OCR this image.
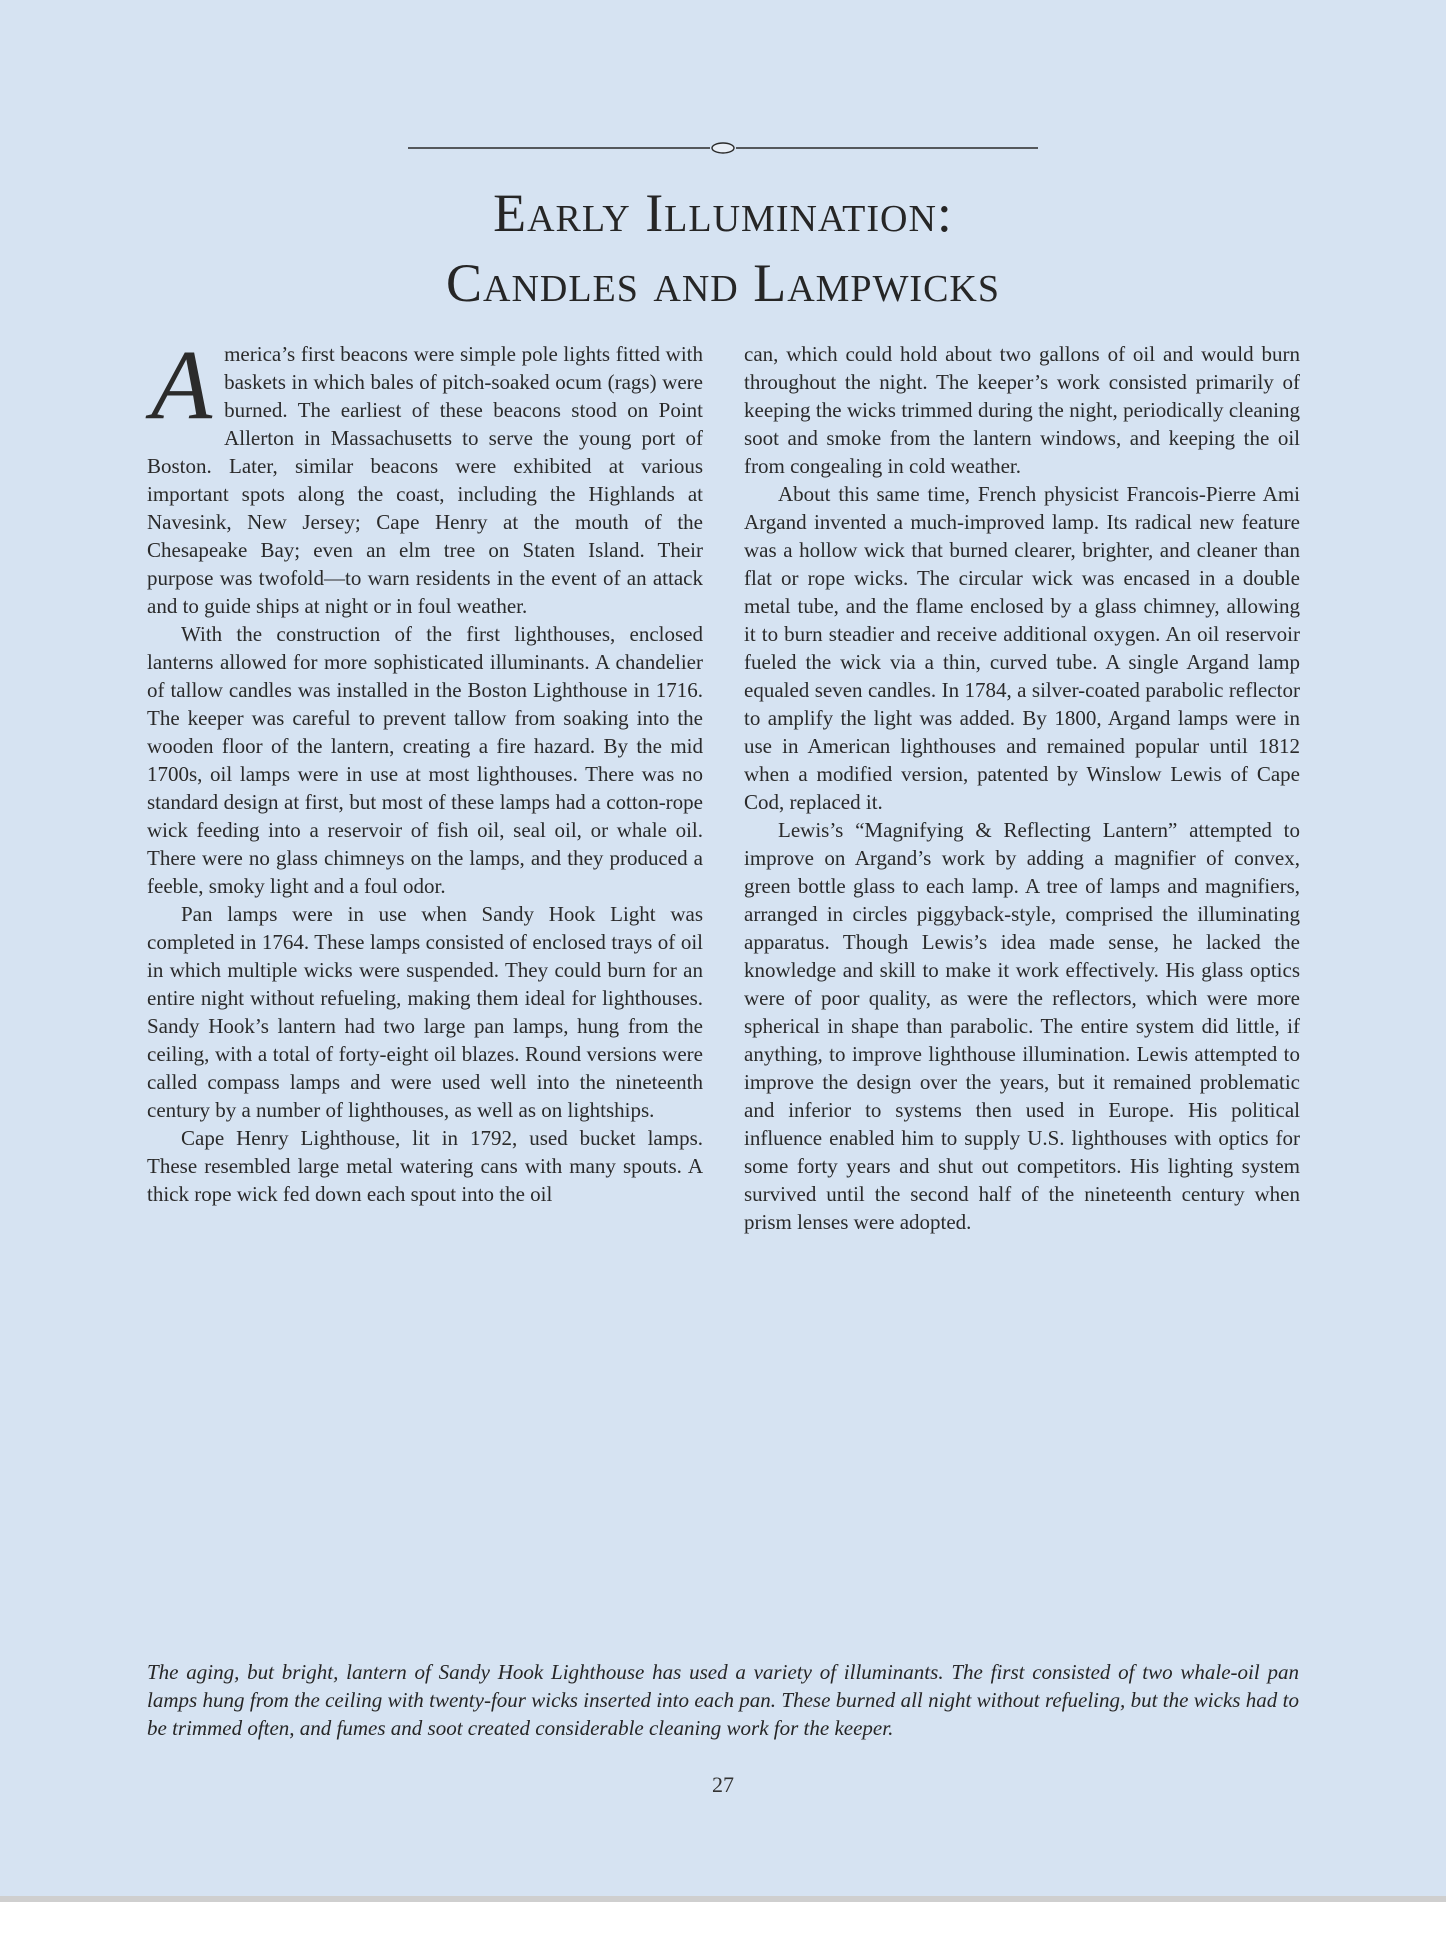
Early Illumination:
Candles and Lampwicks

America’s first beacons were simple pole lights fitted with baskets in which bales of pitch-soaked ocum (rags) were burned. The earliest of these beacons stood on Point Allerton in Massachusetts to serve the young port of Boston. Later, similar beacons were exhibited at various important spots along the coast, including the Highlands at Navesink, New Jersey; Cape Henry at the mouth of the Chesapeake Bay; even an elm tree on Staten Island. Their purpose was twofold—to warn residents in the event of an attack and to guide ships at night or in foul weather.

With the construction of the first lighthouses, enclosed lanterns allowed for more sophisticated illuminants. A chandelier of tallow candles was installed in the Boston Lighthouse in 1716. The keeper was careful to prevent tallow from soaking into the wooden floor of the lantern, creating a fire hazard. By the mid 1700s, oil lamps were in use at most lighthouses. There was no standard design at first, but most of these lamps had a cotton-rope wick feeding into a reservoir of fish oil, seal oil, or whale oil. There were no glass chimneys on the lamps, and they produced a feeble, smoky light and a foul odor.

Pan lamps were in use when Sandy Hook Light was completed in 1764. These lamps consisted of enclosed trays of oil in which multiple wicks were suspended. They could burn for an entire night without refueling, making them ideal for lighthouses. Sandy Hook’s lantern had two large pan lamps, hung from the ceiling, with a total of forty-eight oil blazes. Round versions were called compass lamps and were used well into the nineteenth century by a number of lighthouses, as well as on lightships.

Cape Henry Lighthouse, lit in 1792, used bucket lamps. These resembled large metal watering cans with many spouts. A thick rope wick fed down each spout into the oil

can, which could hold about two gallons of oil and would burn throughout the night. The keeper’s work consisted primarily of keeping the wicks trimmed during the night, periodically cleaning soot and smoke from the lantern windows, and keeping the oil from congealing in cold weather.

About this same time, French physicist Francois-Pierre Ami Argand invented a much-improved lamp. Its radical new feature was a hollow wick that burned clearer, brighter, and cleaner than flat or rope wicks. The circular wick was encased in a double metal tube, and the flame enclosed by a glass chimney, allowing it to burn steadier and receive additional oxygen. An oil reservoir fueled the wick via a thin, curved tube. A single Argand lamp equaled seven candles. In 1784, a silver-coated parabolic reflector to amplify the light was added. By 1800, Argand lamps were in use in American lighthouses and remained popular until 1812 when a modified version, patented by Winslow Lewis of Cape Cod, replaced it.

Lewis’s “Magnifying & Reflecting Lantern” attempted to improve on Argand’s work by adding a magnifier of convex, green bottle glass to each lamp. A tree of lamps and magnifiers, arranged in circles piggyback-style, comprised the illuminating apparatus. Though Lewis’s idea made sense, he lacked the knowledge and skill to make it work effectively. His glass optics were of poor quality, as were the reflectors, which were more spherical in shape than parabolic. The entire system did little, if anything, to improve lighthouse illumination. Lewis attempted to improve the design over the years, but it remained problematic and inferior to systems then used in Europe. His political influence enabled him to supply U.S. lighthouses with optics for some forty years and shut out competitors. His lighting system survived until the second half of the nineteenth century when prism lenses were adopted.

The aging, but bright, lantern of Sandy Hook Lighthouse has used a variety of illuminants. The first consisted of two whale-oil pan lamps hung from the ceiling with twenty-four wicks inserted into each pan. These burned all night without refueling, but the wicks had to be trimmed often, and fumes and soot created considerable cleaning work for the keeper.

27
